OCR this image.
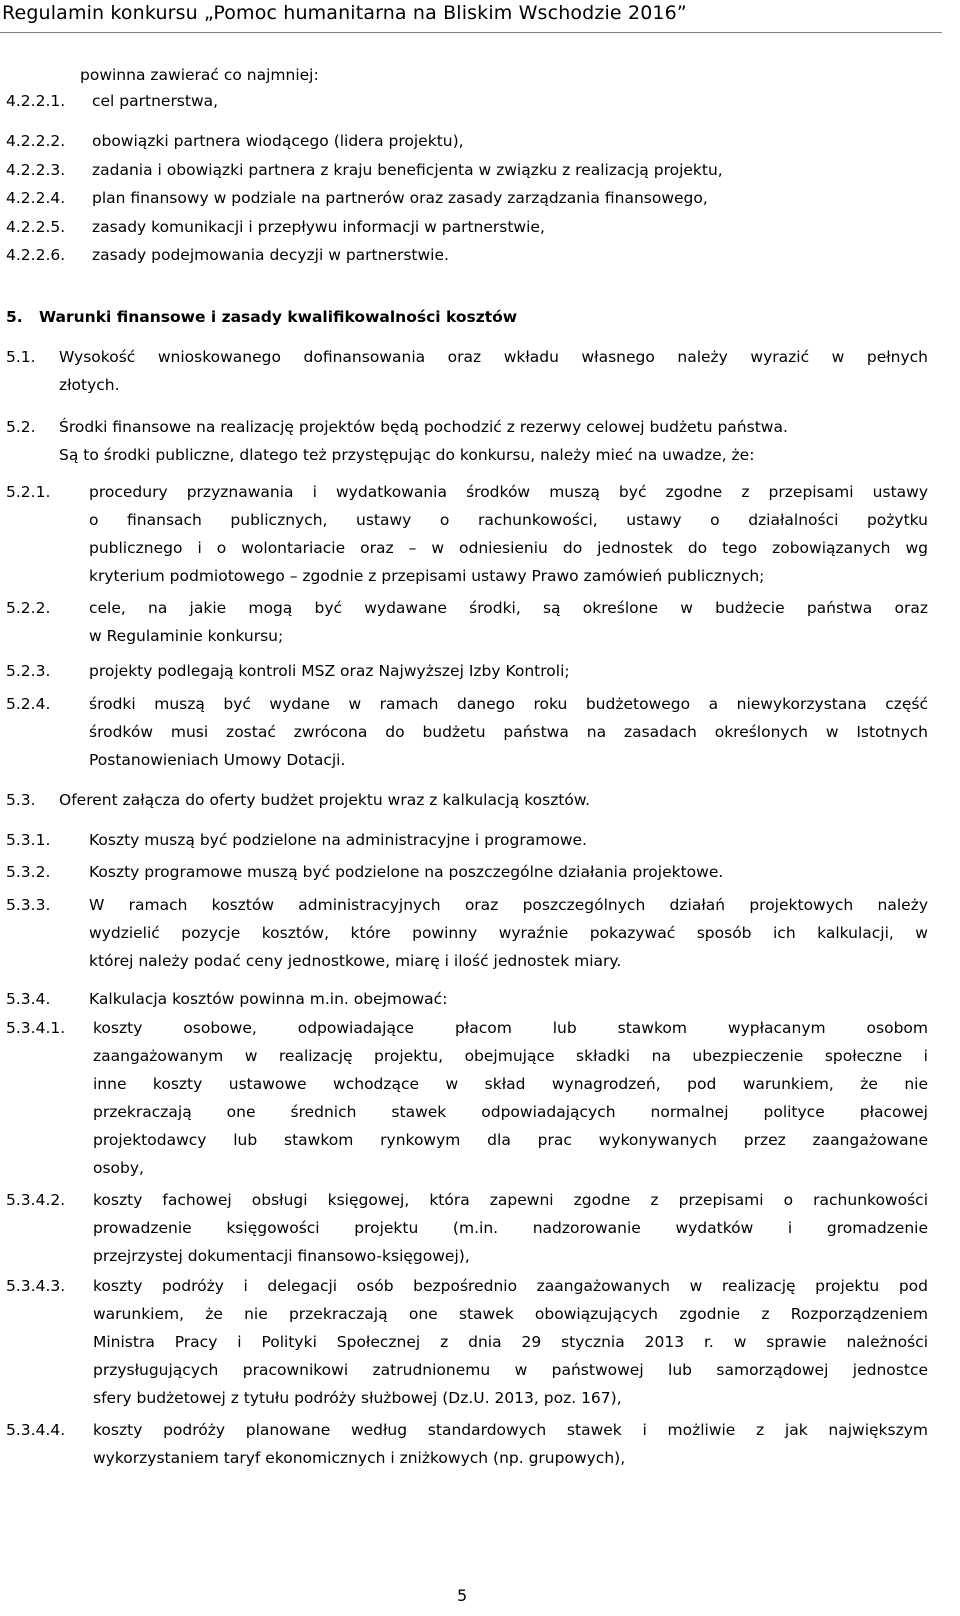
Regulamin konkursu „Pomoc humanitarna na Bliskim Wschodzie 2016”
powinna zawierać co najmniej:
4.2.2.1. cel partnerstwa,
4.2.2.2. obowiązki partnera wiodącego (lidera projektu),
4.2.2.3. zadania i obowiązki partnera z kraju beneficjenta w związku z realizacją projektu,
4.2.2.4. plan finansowy w podziale na partnerów oraz zasady zarządzania finansowego,
4.2.2.5. zasady komunikacji i przepływu informacji w partnerstwie,
4.2.2.6. zasady podejmowania decyzji w partnerstwie.
5. Warunki finansowe i zasady kwalifikowalności kosztów
5.1. Wysokość wnioskowanego dofinansowania oraz wkładu własnego należy wyrazić w pełnych
złotych.
5.2. Środki finansowe na realizację projektów będą pochodzić z rezerwy celowej budżetu państwa.
Są to środki publiczne, dlatego też przystępując do konkursu, należy mieć na uwadze, że:
5.2.1. procedury przyznawania i wydatkowania środków muszą być zgodne z przepisami ustawy
o finansach publicznych, ustawy o rachunkowości, ustawy o działalności pożytku
publicznego i o wolontariacie oraz – w odniesieniu do jednostek do tego zobowiązanych wg
kryterium podmiotowego – zgodnie z przepisami ustawy Prawo zamówień publicznych;
5.2.2. cele, na jakie mogą być wydawane środki, są określone w budżecie państwa oraz
w Regulaminie konkursu;
5.2.3. projekty podlegają kontroli MSZ oraz Najwyższej Izby Kontroli;
5.2.4. środki muszą być wydane w ramach danego roku budżetowego a niewykorzystana część
środków musi zostać zwrócona do budżetu państwa na zasadach określonych w Istotnych
Postanowieniach Umowy Dotacji.
5.3. Oferent załącza do oferty budżet projektu wraz z kalkulacją kosztów.
5.3.1. Koszty muszą być podzielone na administracyjne i programowe.
5.3.2. Koszty programowe muszą być podzielone na poszczególne działania projektowe.
5.3.3. W ramach kosztów administracyjnych oraz poszczególnych działań projektowych należy
wydzielić pozycje kosztów, które powinny wyraźnie pokazywać sposób ich kalkulacji, w
której należy podać ceny jednostkowe, miarę i ilość jednostek miary.
5.3.4. Kalkulacja kosztów powinna m.in. obejmować:
5.3.4.1. koszty osobowe, odpowiadające płacom lub stawkom wypłacanym osobom
zaangażowanym w realizację projektu, obejmujące składki na ubezpieczenie społeczne i
inne koszty ustawowe wchodzące w skład wynagrodzeń, pod warunkiem, że nie
przekraczają one średnich stawek odpowiadających normalnej polityce płacowej
projektodawcy lub stawkom rynkowym dla prac wykonywanych przez zaangażowane
osoby,
5.3.4.2. koszty fachowej obsługi księgowej, która zapewni zgodne z przepisami o rachunkowości
prowadzenie księgowości projektu (m.in. nadzorowanie wydatków i gromadzenie
przejrzystej dokumentacji finansowo-księgowej),
5.3.4.3. koszty podróży i delegacji osób bezpośrednio zaangażowanych w realizację projektu pod
warunkiem, że nie przekraczają one stawek obowiązujących zgodnie z Rozporządzeniem
Ministra Pracy i Polityki Społecznej z dnia 29 stycznia 2013 r. w sprawie należności
przysługujących pracownikowi zatrudnionemu w państwowej lub samorządowej jednostce
sfery budżetowej z tytułu podróży służbowej (Dz.U. 2013, poz. 167),
5.3.4.4. koszty podróży planowane według standardowych stawek i możliwie z jak największym
wykorzystaniem taryf ekonomicznych i zniżkowych (np. grupowych),
5
